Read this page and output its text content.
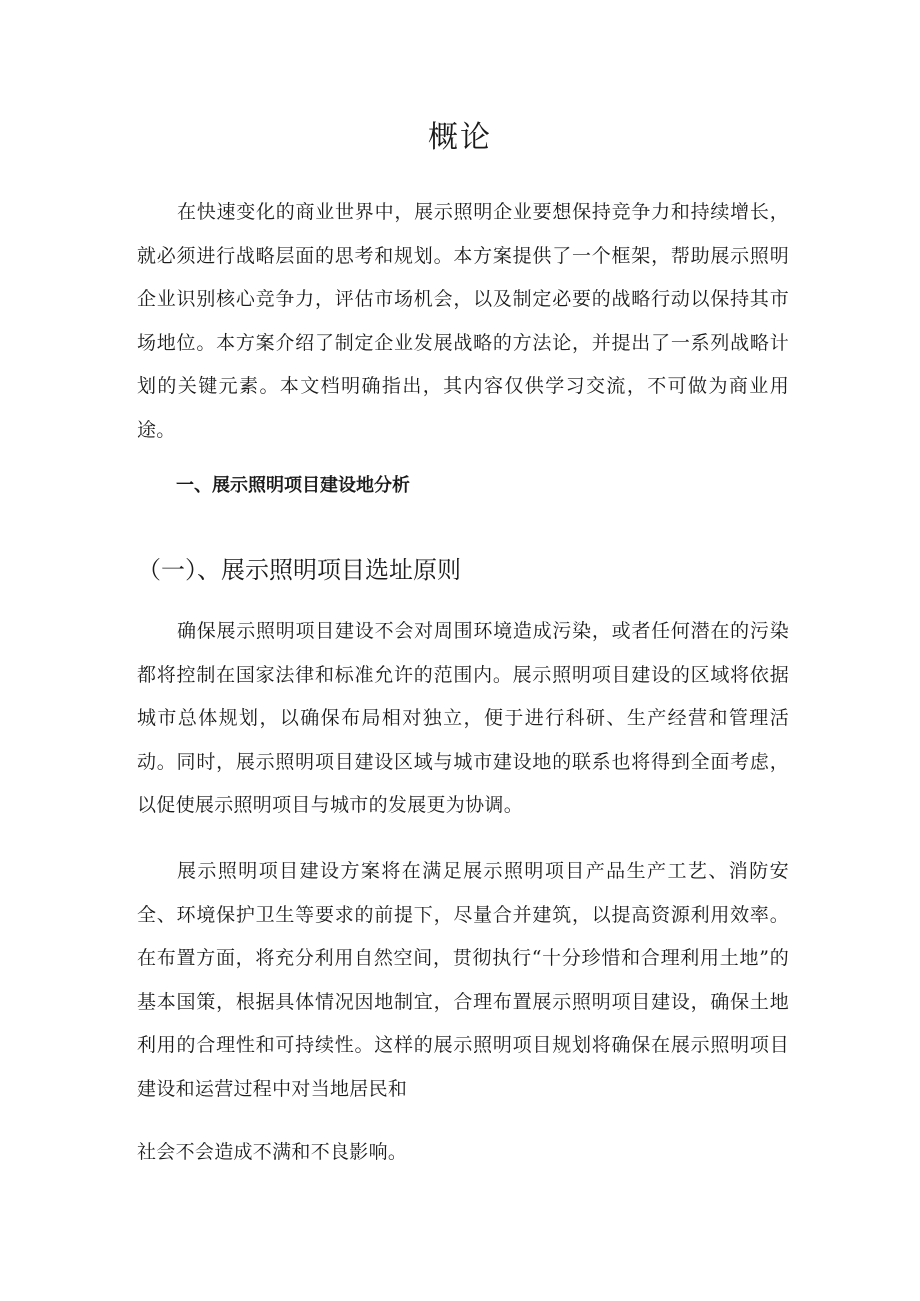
概论

在快速变化的商业世界中，展示照明企业要想保持竞争力和持续增长，就必须进行战略层面的思考和规划。本方案提供了一个框架，帮助展示照明企业识别核心竞争力，评估市场机会，以及制定必要的战略行动以保持其市场地位。本方案介绍了制定企业发展战略的方法论，并提出了一系列战略计划的关键元素。本文档明确指出，其内容仅供学习交流，不可做为商业用途。

一、展示照明项目建设地分析
（一）、展示照明项目选址原则

确保展示照明项目建设不会对周围环境造成污染，或者任何潜在的污染都将控制在国家法律和标准允许的范围内。展示照明项目建设的区域将依据城市总体规划，以确保布局相对独立，便于进行科研、生产经营和管理活动。同时，展示照明项目建设区域与城市建设地的联系也将得到全面考虑，以促使展示照明项目与城市的发展更为协调。

展示照明项目建设方案将在满足展示照明项目产品生产工艺、消防安全、环境保护卫生等要求的前提下，尽量合并建筑，以提高资源利用效率。在布置方面，将充分利用自然空间，贯彻执行“十分珍惜和合理利用土地”的基本国策，根据具体情况因地制宜，合理布置展示照明项目建设，确保土地利用的合理性和可持续性。这样的展示照明项目规划将确保在展示照明项目建设和运营过程中对当地居民和

社会不会造成不满和不良影响。
